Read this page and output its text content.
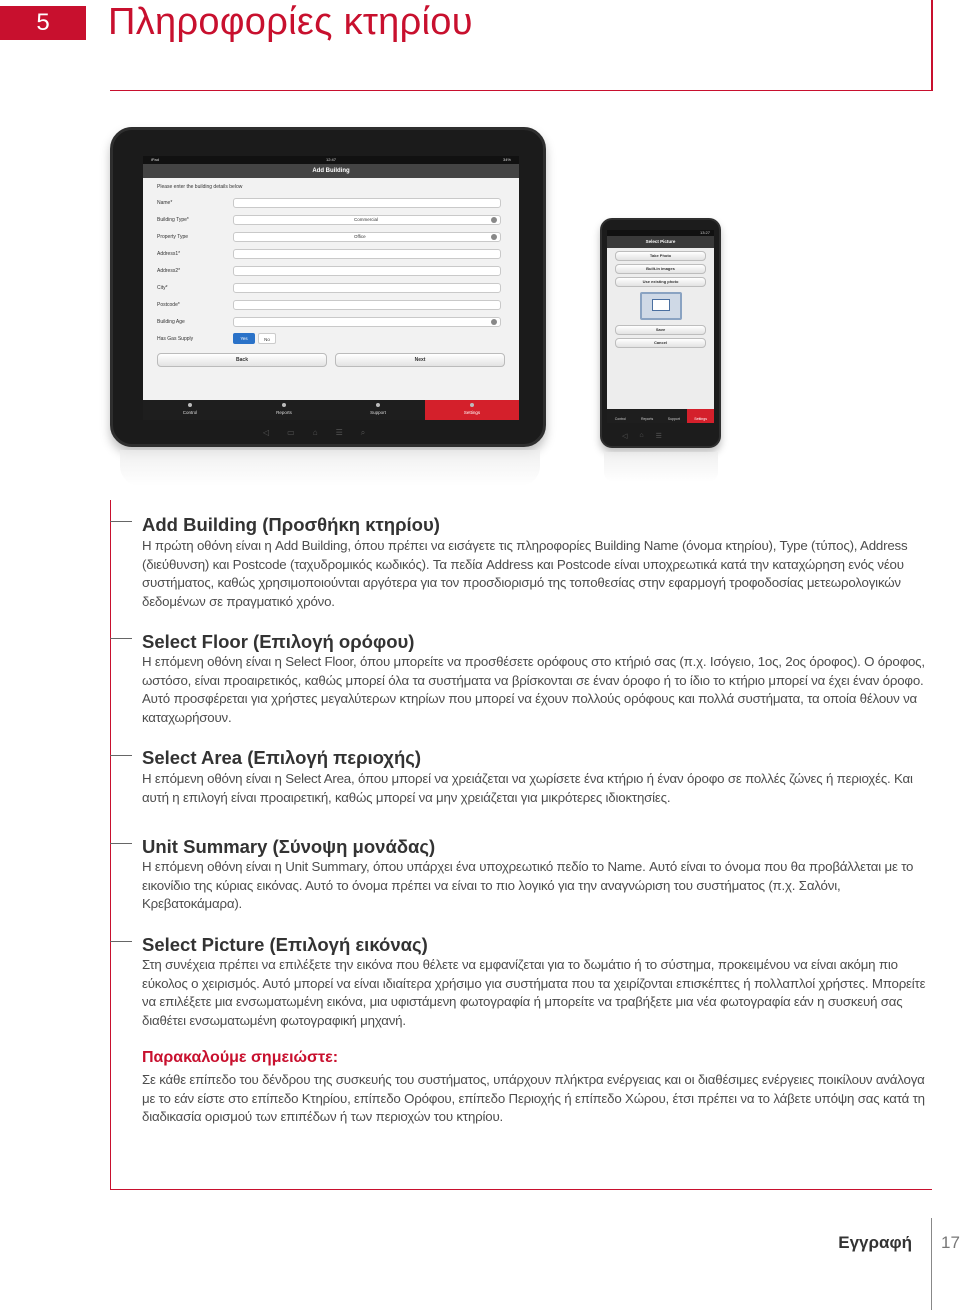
5	Πληροφορίες κτηρίου
iPad	12:47	34%
Add Building
Please enter the building details below
Name*
Building Type*	Commercial
Property Type	Office
Address1*
Address2*
City*
Postcode*
Building Age
Has Gas Supply	Yes	No
Back	Next
Control	Reports	Support	Settings
◁ ▭ ⌂ ☰ ⌕
13:27
Select Picture
Take Photo
Built-in images
Use existing photo
Save
Cancel
Control	Reports	Support	Settings
◁ ⌂ ☰
Add Building (Προσθήκη κτηρίου)

Η πρώτη οθόνη είναι η Add Building, όπου πρέπει να εισάγετε τις πληροφορίες Building Name (όνομα κτηρίου), Type (τύπος), Address (διεύθυνση) και Postcode (ταχυδρομικός κωδικός). Τα πεδία Address και Postcode είναι υποχρεωτικά κατά την καταχώρηση ενός νέου συστήματος, καθώς χρησιμοποιούνται αργότερα για τον προσδιορισμό της τοποθεσίας στην εφαρμογή τροφοδοσίας μετεωρολογικών δεδομένων σε πραγματικό χρόνο.

Select Floor (Επιλογή ορόφου)

Η επόμενη οθόνη είναι η Select Floor, όπου μπορείτε να προσθέσετε ορόφους στο κτήριό σας (π.χ. Ισόγειο, 1ος, 2ος όροφος). Ο όροφος, ωστόσο, είναι προαιρετικός, καθώς μπορεί όλα τα συστήματα να βρίσκονται σε έναν όροφο ή το ίδιο το κτήριο μπορεί να έχει έναν όροφο. Αυτό προσφέρεται για χρήστες μεγαλύτερων κτηρίων που μπορεί να έχουν πολλούς ορόφους και πολλά συστήματα, τα οποία θέλουν να καταχωρήσουν.

Select Area (Επιλογή περιοχής)

Η επόμενη οθόνη είναι η Select Area, όπου μπορεί να χρειάζεται να χωρίσετε ένα κτήριο ή έναν όροφο σε πολλές ζώνες ή περιοχές. Και αυτή η επιλογή είναι προαιρετική, καθώς μπορεί να μην χρειάζεται για μικρότερες ιδιοκτησίες.

Unit Summary (Σύνοψη μονάδας)

Η επόμενη οθόνη είναι η Unit Summary, όπου υπάρχει ένα υποχρεωτικό πεδίο το Name. Αυτό είναι το όνομα που θα προβάλλεται με το εικονίδιο της κύριας εικόνας. Αυτό το όνομα πρέπει να είναι το πιο λογικό για την αναγνώριση του συστήματος (π.χ. Σαλόνι, Κρεβατοκάμαρα).

Select Picture (Επιλογή εικόνας)

Στη συνέχεια πρέπει να επιλέξετε την εικόνα που θέλετε να εμφανίζεται για το δωμάτιο ή το σύστημα, προκειμένου να είναι ακόμη πιο εύκολος ο χειρισμός. Αυτό μπορεί να είναι ιδιαίτερα χρήσιμο για συστήματα που τα χειρίζονται επισκέπτες ή πολλαπλοί χρήστες. Μπορείτε να επιλέξετε μια ενσωματωμένη εικόνα, μια υφιστάμενη φωτογραφία ή μπορείτε να τραβήξετε μια νέα φωτογραφία εάν η συσκευή σας διαθέτει ενσωματωμένη φωτογραφική μηχανή.

Παρακαλούμε σημειώστε:

Σε κάθε επίπεδο του δένδρου της συσκευής του συστήματος, υπάρχουν πλήκτρα ενέργειας και οι διαθέσιμες ενέργειες ποικίλουν ανάλογα με το εάν είστε στο επίπεδο Κτηρίου, επίπεδο Ορόφου, επίπεδο Περιοχής ή επίπεδο Χώρου, έτσι πρέπει να το λάβετε υπόψη σας κατά τη διαδικασία ορισμού των επιπέδων ή των περιοχών του κτηρίου.

Εγγραφή 17
